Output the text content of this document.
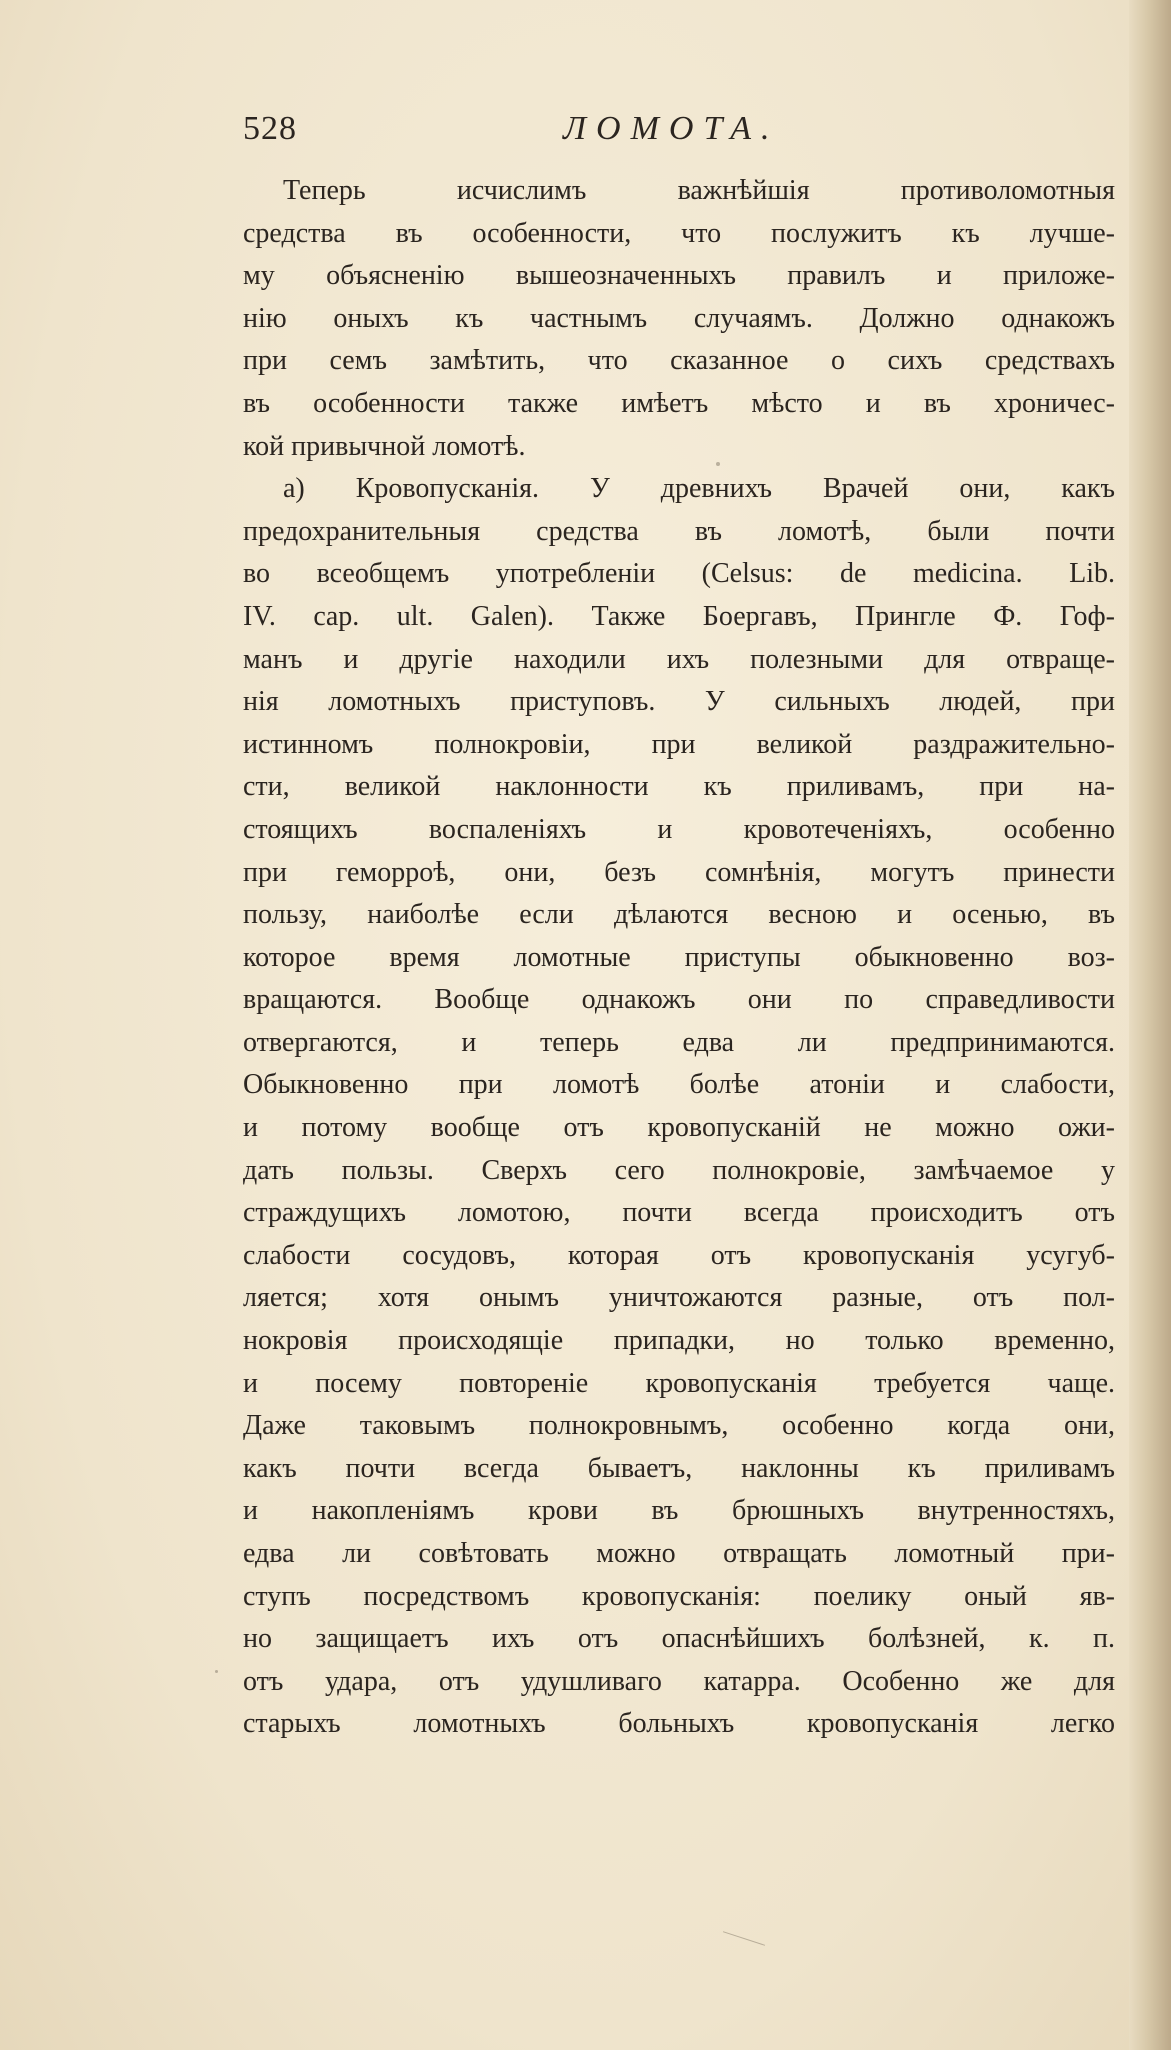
528	ЛОМОТА.
Теперь исчислимъ важнѣйшія противоломотныя
средства въ особенности, что послужитъ къ лучше-
му объясненію вышеозначенныхъ правилъ и приложе-
нію оныхъ къ частнымъ случаямъ. Должно однакожъ
при семъ замѣтить, что сказанное о сихъ средствахъ
въ особенности также имѣетъ мѣсто и въ хроничес-
кой привычной ломотѣ.
а) Кровопусканія. У древнихъ Врачей они, какъ
предохранительныя средства въ ломотѣ, были почти
во всеобщемъ употребленіи (Celsus: de medicina. Lib.
IV. cap. ult. Galen). Также Боергавъ, Прингле Ф. Гоф-
манъ и другіе находили ихъ полезными для отвраще-
нія ломотныхъ приступовъ. У сильныхъ людей, при
истинномъ полнокровіи, при великой раздражительно-
сти, великой наклонности къ приливамъ, при на-
стоящихъ воспаленіяхъ и кровотеченіяхъ, особенно
при геморроѣ, они, безъ сомнѣнія, могутъ принести
пользу, наиболѣе если дѣлаются весною и осенью, въ
которое время ломотные приступы обыкновенно воз-
вращаются. Вообще однакожъ они по справедливости
отвергаются, и теперь едва ли предпринимаются.
Обыкновенно при ломотѣ болѣе атоніи и слабости,
и потому вообще отъ кровопусканій не можно ожи-
дать пользы. Сверхъ сего полнокровіе, замѣчаемое у
страждущихъ ломотою, почти всегда происходитъ отъ
слабости сосудовъ, которая отъ кровопусканія усугуб-
ляется; хотя онымъ уничтожаются разные, отъ пол-
нокровія происходящіе припадки, но только временно,
и посему повтореніе кровопусканія требуется чаще.
Даже таковымъ полнокровнымъ, особенно когда они,
какъ почти всегда бываетъ, наклонны къ приливамъ
и накопленіямъ крови въ брюшныхъ внутренностяхъ,
едва ли совѣтовать можно отвращать ломотный при-
ступъ посредствомъ кровопусканія: поелику оный яв-
но защищаетъ ихъ отъ опаснѣйшихъ болѣзней, к. п.
отъ удара, отъ удушливаго катарра. Особенно же для
старыхъ ломотныхъ больныхъ кровопусканія легко
